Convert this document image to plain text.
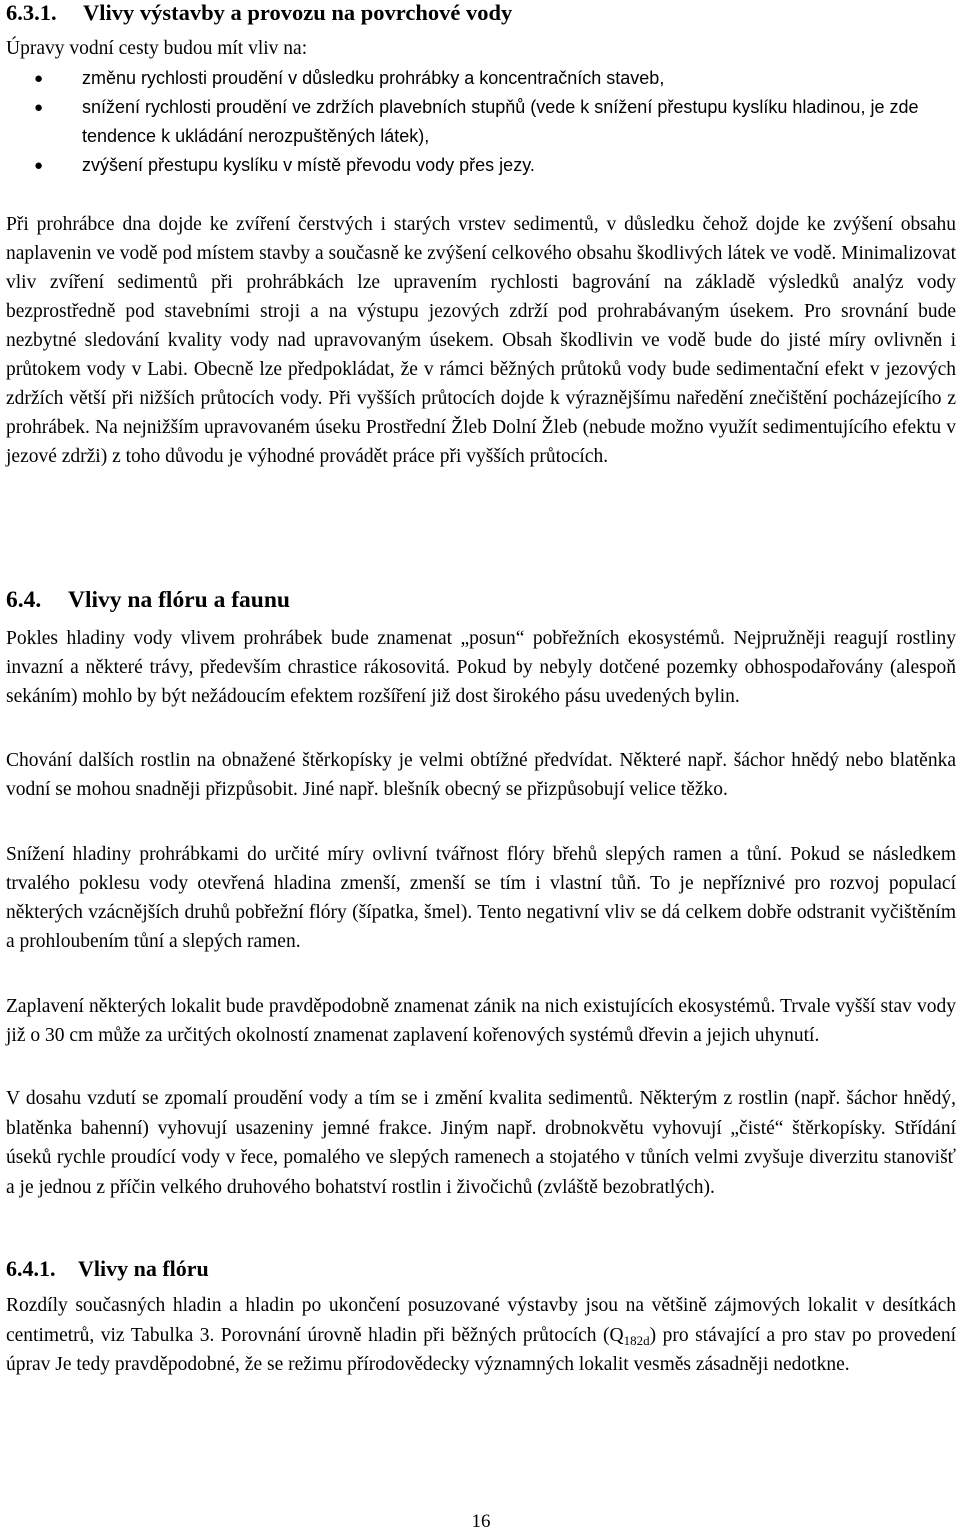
6.3.1. Vlivy výstavby a provozu na povrchové vody
Úpravy vodní cesty budou mít vliv na:
● změnu rychlosti proudění v důsledku prohrábky a koncentračních staveb,
● snížení rychlosti proudění ve zdržích plavebních stupňů (vede k snížení přestupu kyslíku hladinou, je zde tendence k ukládání nerozpuštěných látek),
● zvýšení přestupu kyslíku v místě převodu vody přes jezy.

Při prohrábce dna dojde ke zvíření čerstvých i starých vrstev sedimentů, v důsledku čehož dojde ke zvýšení obsahu naplavenin ve vodě pod místem stavby a současně ke zvýšení celkového obsahu škodlivých látek ve vodě. Minimalizovat vliv zvíření sedimentů při prohrábkách lze upravením rychlosti bagrování na základě výsledků analýz vody bezprostředně pod stavebními stroji a na výstupu jezových zdrží pod prohrabávaným úsekem. Pro srovnání bude nezbytné sledování kvality vody nad upravovaným úsekem. Obsah škodlivin ve vodě bude do jisté míry ovlivněn i průtokem vody v Labi. Obecně lze předpokládat, že v rámci běžných průtoků vody bude sedimentační efekt v jezových zdržích větší při nižších průtocích vody. Při vyšších průtocích dojde k výraznějšímu naředění znečištění pocházejícího z prohrábek. Na nejnižším upravovaném úseku Prostřední Žleb Dolní Žleb (nebude možno využít sedimentujícího efektu v jezové zdrži) z toho důvodu je výhodné provádět práce při vyšších průtocích.

6.4. Vlivy na flóru a faunu

Pokles hladiny vody vlivem prohrábek bude znamenat „posun“ pobřežních ekosystémů. Nejpružněji reagují rostliny invazní a některé trávy, především chrastice rákosovitá. Pokud by nebyly dotčené pozemky obhospodařovány (alespoň sekáním) mohlo by být nežádoucím efektem rozšíření již dost širokého pásu uvedených bylin.

Chování dalších rostlin na obnažené štěrkopísky je velmi obtížné předvídat. Některé např. šáchor hnědý nebo blatěnka vodní se mohou snadněji přizpůsobit. Jiné např. blešník obecný se přizpůsobují velice těžko.

Snížení hladiny prohrábkami do určité míry ovlivní tvářnost flóry břehů slepých ramen a tůní. Pokud se následkem trvalého poklesu vody otevřená hladina zmenší, zmenší se tím i vlastní tůň. To je nepříznivé pro rozvoj populací některých vzácnějších druhů pobřežní flóry (šípatka, šmel). Tento negativní vliv se dá celkem dobře odstranit vyčištěním a prohloubením tůní a slepých ramen.

Zaplavení některých lokalit bude pravděpodobně znamenat zánik na nich existujících ekosystémů. Trvale vyšší stav vody již o 30 cm může za určitých okolností znamenat zaplavení kořenových systémů dřevin a jejich uhynutí.

V dosahu vzdutí se zpomalí proudění vody a tím se i změní kvalita sedimentů. Některým z rostlin (např. šáchor hnědý, blatěnka bahenní) vyhovují usazeniny jemné frakce. Jiným např. drobnokvětu vyhovují „čisté“ štěrkopísky. Střídání úseků rychle proudící vody v řece, pomalého ve slepých ramenech a stojatého v tůních velmi zvyšuje diverzitu stanovišť a je jednou z příčin velkého druhového bohatství rostlin i živočichů (zvláště bezobratlých).

6.4.1. Vlivy na flóru

Rozdíly současných hladin a hladin po ukončení posuzované výstavby jsou na většině zájmových lokalit v desítkách centimetrů, viz Tabulka 3. Porovnání úrovně hladin při běžných průtocích $(Q_{182d})$ pro stávající a pro stav po provedení úprav Je tedy pravděpodobné, že se režimu přírodovědecky významných lokalit vesměs zásadněji nedotkne.

16
